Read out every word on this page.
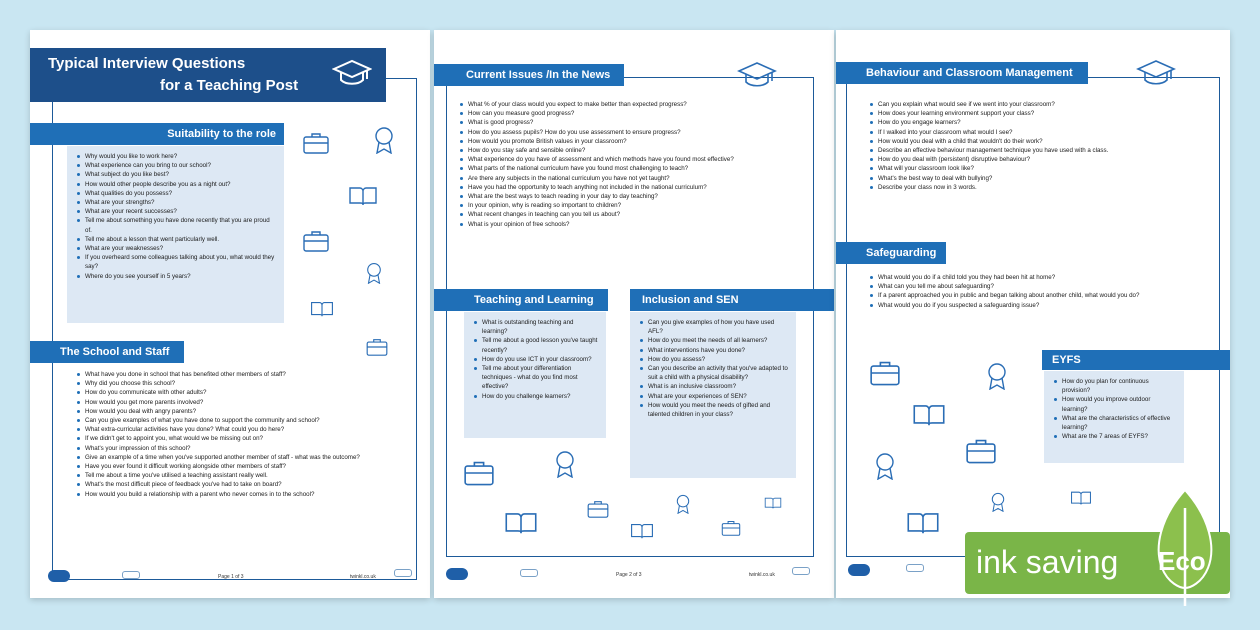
Typical Interview Questions
for a Teaching Post
Suitability to the role
Why would you like to work here?
What experience can you bring to our school?
What subject do you like best?
How would other people describe you as a night out?
What qualities do you possess?
What are your strengths?
What are your recent successes?
Tell me about something you have done recently that you are proud of.
Tell me about a lesson that went particularly well.
What are your weaknesses?
If you overheard some colleagues talking about you, what would they say?
Where do you see yourself in 5 years?
The School and Staff
What have you done in school that has benefited other members of staff?
Why did you choose this school?
How do you communicate with other adults?
How would you get more parents involved?
How would you deal with angry parents?
Can you give examples of what you have done to support the community and school?
What extra-curricular activities have you done? What could you do here?
If we didn't get to appoint you, what would we be missing out on?
What's your impression of this school?
Give an example of a time when you've supported another member of staff - what was the outcome?
Have you ever found it difficult working alongside other members of staff?
Tell me about a time you've utilised a teaching assistant really well.
What's the most difficult piece of feedback you've had to take on board?
How would you build a relationship with a parent who never comes in to the school?
Page 1 of 3	twinkl.co.uk
Current Issues /In the News
What % of your class would you expect to make better than expected progress?
How can you measure good progress?
What is good progress?
How do you assess pupils? How do you use assessment to ensure progress?
How would you promote British values in your classroom?
How do you stay safe and sensible online?
What experience do you have of assessment and which methods have you found most effective?
What parts of the national curriculum have you found most challenging to teach?
Are there any subjects in the national curriculum you have not yet taught?
Have you had the opportunity to teach anything not included in the national curriculum?
What are the best ways to teach reading in your day to day teaching?
In your opinion, why is reading so important to children?
What recent changes in teaching can you tell us about?
What is your opinion of free schools?
Teaching and Learning
What is outstanding teaching and learning?
Tell me about a good lesson you've taught recently?
How do you use ICT in your classroom?
Tell me about your differentiation techniques - what do you find most effective?
How do you challenge learners?
Inclusion and SEN
Can you give examples of how you have used AFL?
How do you meet the needs of all learners?
What interventions have you done?
How do you assess?
Can you describe an activity that you've adapted to suit a child with a physical disability?
What is an inclusive classroom?
What are your experiences of SEN?
How would you meet the needs of gifted and talented children in your class?
Page 2 of 3	twinkl.co.uk
Behaviour and Classroom Management
Can you explain what would see if we went into your classroom?
How does your learning environment support your class?
How do you engage learners?
If I walked into your classroom what would I see?
How would you deal with a child that wouldn't do their work?
Describe an effective behaviour management technique you have used with a class.
How do you deal with (persistent) disruptive behaviour?
What will your classroom look like?
What's the best way to deal with bullying?
Describe your class now in 3 words.
Safeguarding
What would you do if a child told you they had been hit at home?
What can you tell me about safeguarding?
If a parent approached you in public and began talking about another child, what would you do?
What would you do if you suspected a safeguarding issue?
EYFS
How do you plan for continuous provision?
How would you improve outdoor learning?
What are the characteristics of effective learning?
What are the 7 areas of EYFS?
ink saving Eco
